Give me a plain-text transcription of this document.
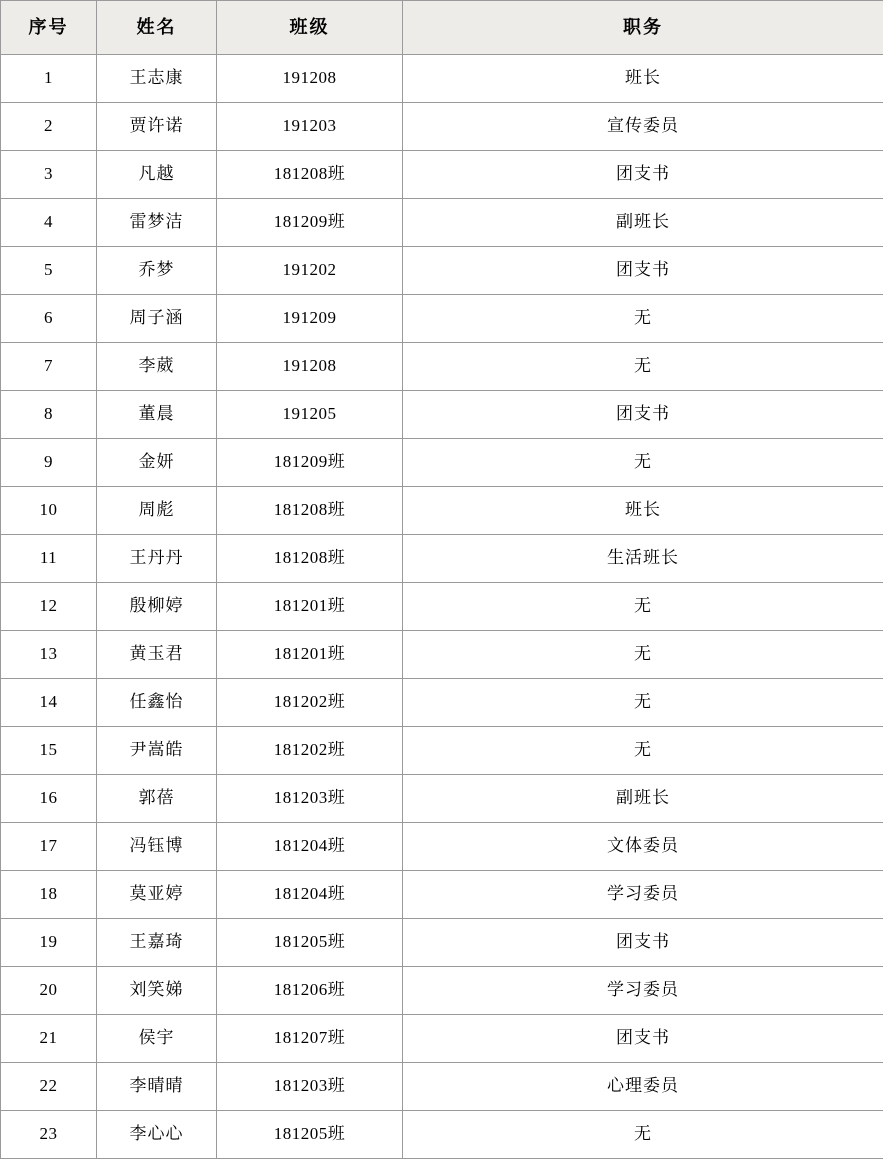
序号	姓名	班级	职务
1	王志康	191208	班长
2	贾许诺	191203	宣传委员
3	凡越	181208班	团支书
4	雷梦洁	181209班	副班长
5	乔梦	191202	团支书
6	周子涵	191209	无
7	李葳	191208	无
8	董晨	191205	团支书
9	金妍	181209班	无
10	周彪	181208班	班长
11	王丹丹	181208班	生活班长
12	殷柳婷	181201班	无
13	黄玉君	181201班	无
14	任鑫怡	181202班	无
15	尹嵩皓	181202班	无
16	郭蓓	181203班	副班长
17	冯钰博	181204班	文体委员
18	莫亚婷	181204班	学习委员
19	王嘉琦	181205班	团支书
20	刘笑娣	181206班	学习委员
21	侯宇	181207班	团支书
22	李晴晴	181203班	心理委员
23	李心心	181205班	无
